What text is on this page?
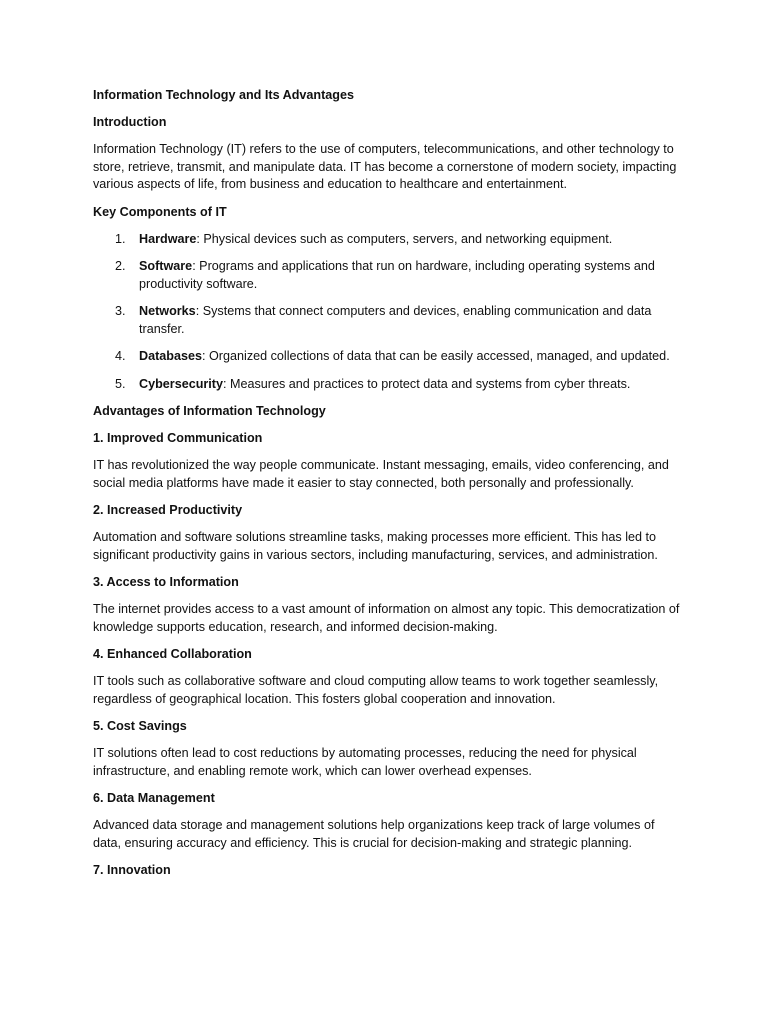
Information Technology and Its Advantages

Introduction

Information Technology (IT) refers to the use of computers, telecommunications, and other technology to store, retrieve, transmit, and manipulate data. IT has become a cornerstone of modern society, impacting various aspects of life, from business and education to healthcare and entertainment.

Key Components of IT

1. Hardware: Physical devices such as computers, servers, and networking equipment.
2. Software: Programs and applications that run on hardware, including operating systems and productivity software.
3. Networks: Systems that connect computers and devices, enabling communication and data transfer.
4. Databases: Organized collections of data that can be easily accessed, managed, and updated.
5. Cybersecurity: Measures and practices to protect data and systems from cyber threats.

Advantages of Information Technology

1. Improved Communication

IT has revolutionized the way people communicate. Instant messaging, emails, video conferencing, and social media platforms have made it easier to stay connected, both personally and professionally.

2. Increased Productivity

Automation and software solutions streamline tasks, making processes more efficient. This has led to significant productivity gains in various sectors, including manufacturing, services, and administration.

3. Access to Information

The internet provides access to a vast amount of information on almost any topic. This democratization of knowledge supports education, research, and informed decision-making.

4. Enhanced Collaboration

IT tools such as collaborative software and cloud computing allow teams to work together seamlessly, regardless of geographical location. This fosters global cooperation and innovation.

5. Cost Savings

IT solutions often lead to cost reductions by automating processes, reducing the need for physical infrastructure, and enabling remote work, which can lower overhead expenses.

6. Data Management

Advanced data storage and management solutions help organizations keep track of large volumes of data, ensuring accuracy and efficiency. This is crucial for decision-making and strategic planning.

7. Innovation
